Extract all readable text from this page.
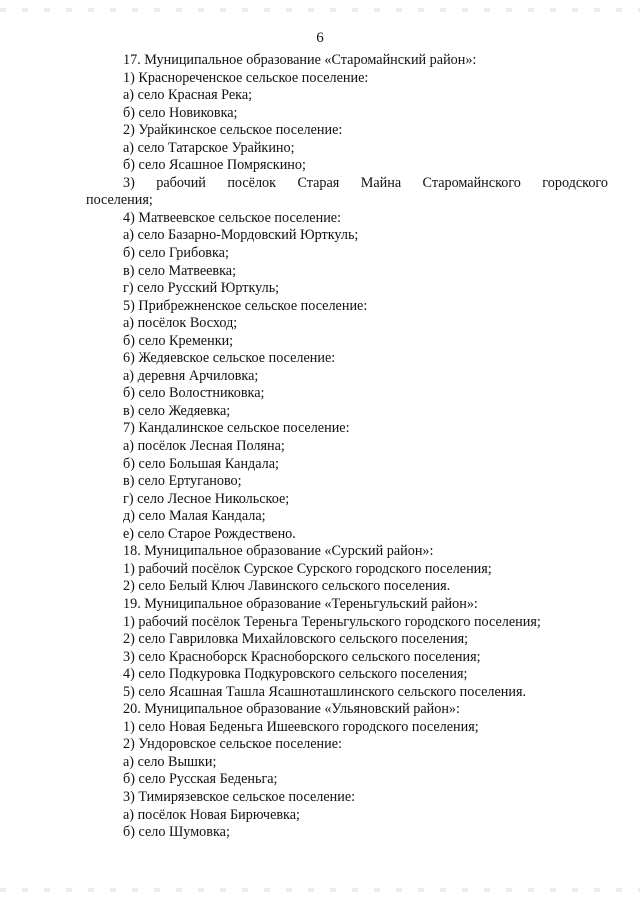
6
17. Муниципальное образование «Старомайнский район»:
1) Краснореченское сельское поселение:
а) село Красная Река;
б) село Новиковка;
2) Урайкинское сельское поселение:
а) село Татарское Урайкино;
б) село Ясашное Помряскино;
3) рабочий посёлок Старая Майна Старомайнского городского
поселения;
4) Матвеевское сельское поселение:
а) село Базарно-Мордовский Юрткуль;
б) село Грибовка;
в) село Матвеевка;
г) село Русский Юрткуль;
5) Прибрежненское сельское поселение:
а) посёлок Восход;
б) село Кременки;
6) Жедяевское сельское поселение:
а) деревня Арчиловка;
б) село Волостниковка;
в) село Жедяевка;
7) Кандалинское сельское поселение:
а) посёлок Лесная Поляна;
б) село Большая Кандала;
в) село Ертуганово;
г) село Лесное Никольское;
д) село Малая Кандала;
е) село Старое Рождествено.
18. Муниципальное образование «Сурский район»:
1) рабочий посёлок Сурское Сурского городского поселения;
2) село Белый Ключ Лавинского сельского поселения.
19. Муниципальное образование «Тереньгульский район»:
1) рабочий посёлок Тереньга Тереньгульского городского поселения;
2) село Гавриловка Михайловского сельского поселения;
3) село Красноборск Красноборского сельского поселения;
4) село Подкуровка Подкуровского сельского поселения;
5) село Ясашная Ташла Ясашноташлинского сельского поселения.
20. Муниципальное образование «Ульяновский район»:
1) село Новая Беденьга Ишеевского городского поселения;
2) Ундоровское сельское поселение:
а) село Вышки;
б) село Русская Беденьга;
3) Тимирязевское сельское поселение:
а) посёлок Новая Бирючевка;
б) село Шумовка;
